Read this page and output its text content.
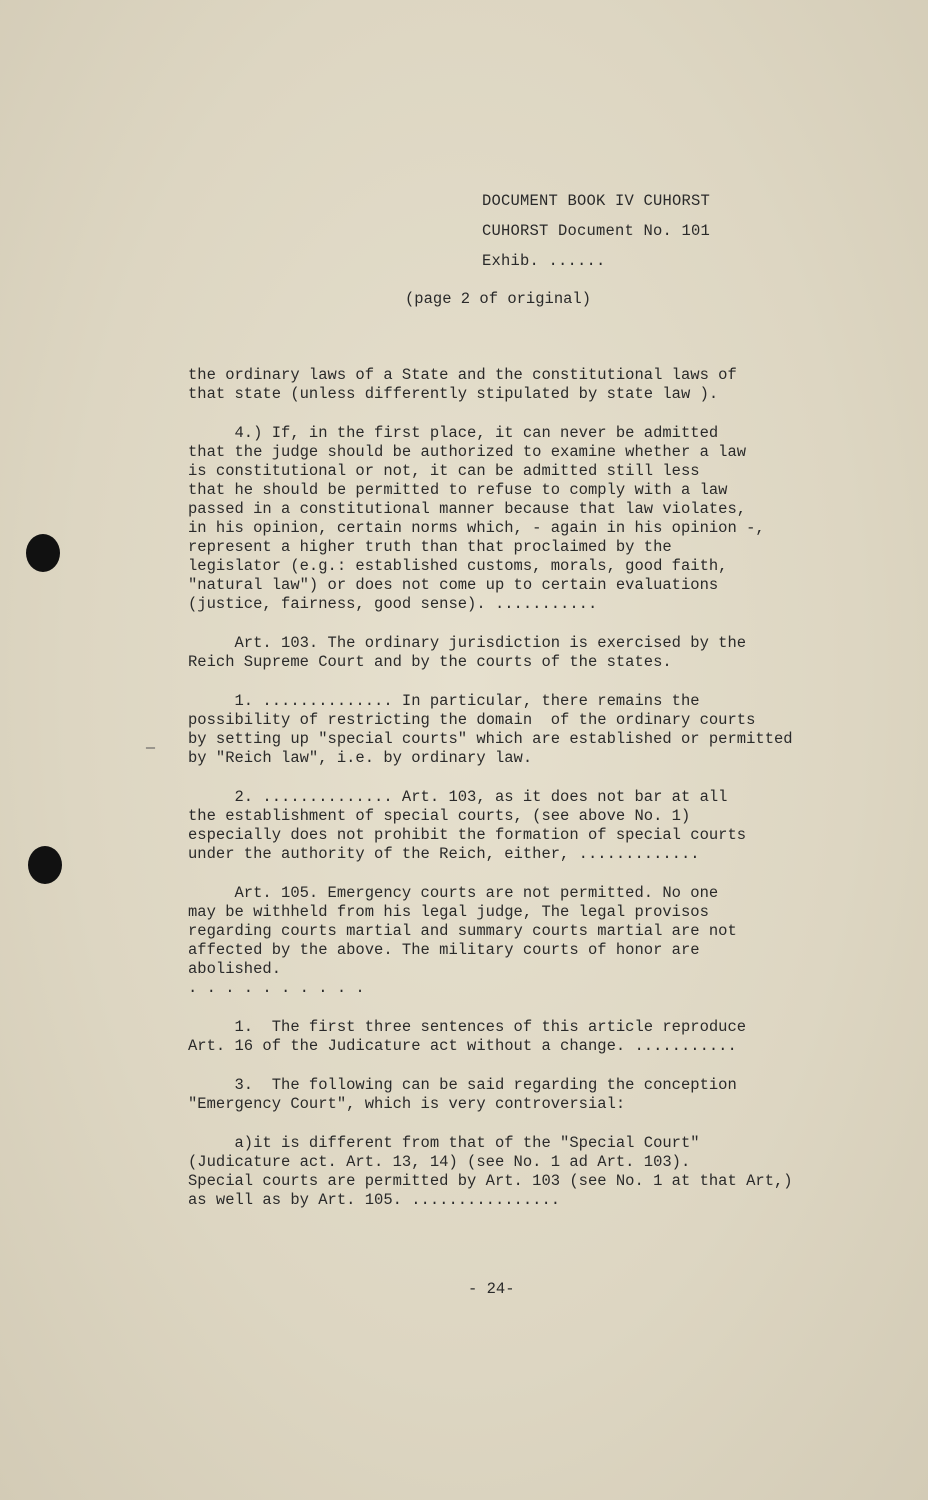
DOCUMENT BOOK IV CUHORST
CUHORST Document No. 101
Exhib. ......
(page 2 of original)
—

the ordinary laws of a State and the constitutional laws of
that state (unless differently stipulated by state law ).

4.) If, in the first place, it can never be admitted
that the judge should be authorized to examine whether a law
is constitutional or not, it can be admitted still less
that he should be permitted to refuse to comply with a law
passed in a constitutional manner because that law violates,
in his opinion, certain norms which, - again in his opinion -,
represent a higher truth than that proclaimed by the
legislator (e.g.: established customs, morals, good faith,
"natural law") or does not come up to certain evaluations
(justice, fairness, good sense). ...........

Art. 103. The ordinary jurisdiction is exercised by the
Reich Supreme Court and by the courts of the states.

1. .............. In particular, there remains the
possibility of restricting the domain  of the ordinary courts
by setting up "special courts" which are established or permitted
by "Reich law", i.e. by ordinary law.

2. .............. Art. 103, as it does not bar at all
the establishment of special courts, (see above No. 1)
especially does not prohibit the formation of special courts
under the authority of the Reich, either, .............

Art. 105. Emergency courts are not permitted. No one
may be withheld from his legal judge, The legal provisos
regarding courts martial and summary courts martial are not
affected by the above. The military courts of honor are
abolished.
. . . . . . . . . .

1.  The first three sentences of this article reproduce
Art. 16 of the Judicature act without a change. ...........

3.  The following can be said regarding the conception
"Emergency Court", which is very controversial:

a)it is different from that of the "Special Court"
(Judicature act. Art. 13, 14) (see No. 1 ad Art. 103).
Special courts are permitted by Art. 103 (see No. 1 at that Art,)
as well as by Art. 105. ................

- 24-
